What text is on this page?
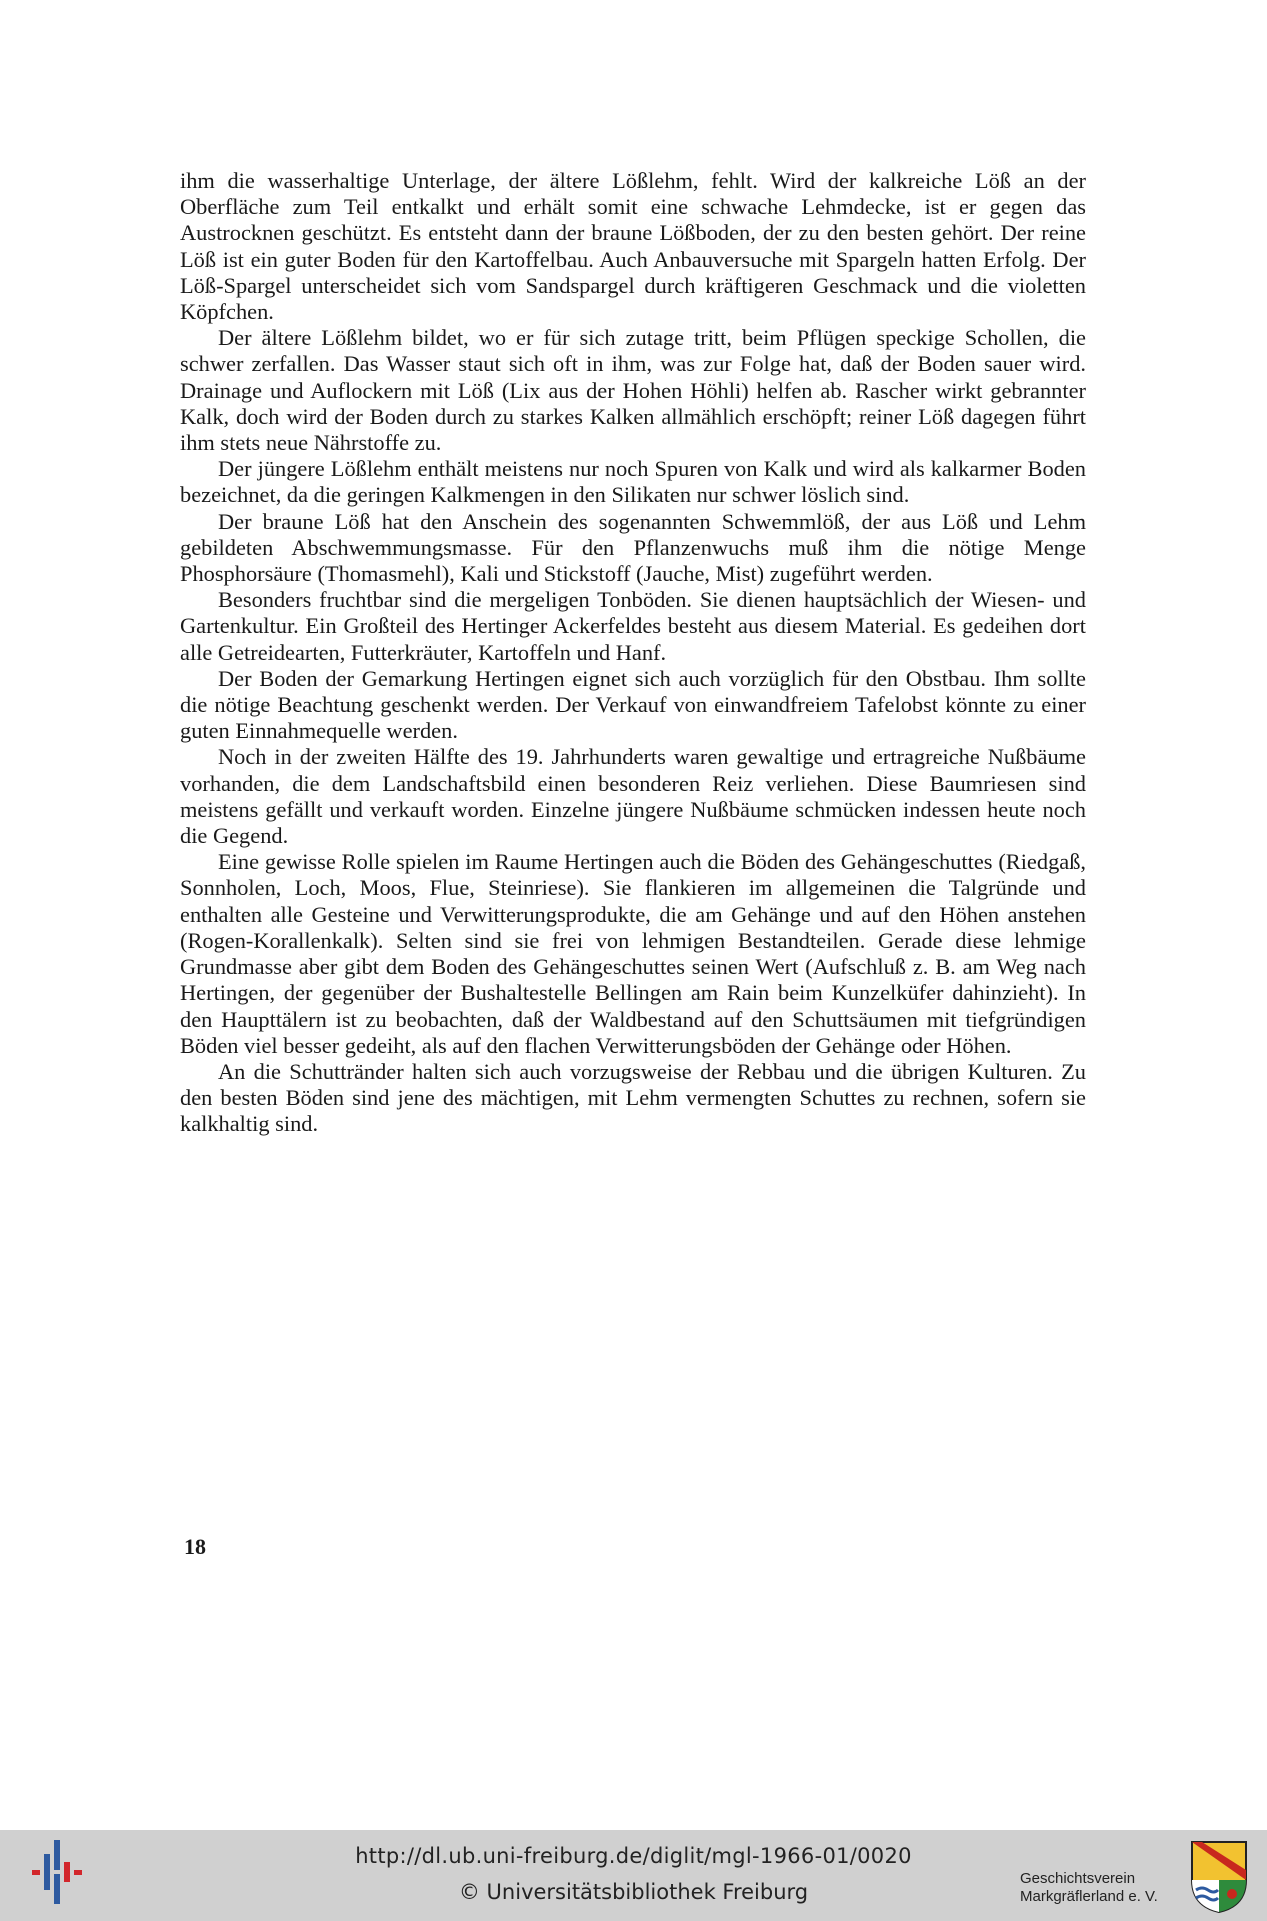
ihm die wasserhaltige Unterlage, der ältere Lößlehm, fehlt. Wird der kalkreiche Löß an der Oberfläche zum Teil entkalkt und erhält somit eine schwache Lehmdecke, ist er gegen das Austrocknen geschützt. Es entsteht dann der braune Lößboden, der zu den besten gehört. Der reine Löß ist ein guter Boden für den Kartoffelbau. Auch Anbauversuche mit Spargeln hatten Erfolg. Der Löß-Spargel unterscheidet sich vom Sandspargel durch kräftigeren Geschmack und die violetten Köpfchen.

Der ältere Lößlehm bildet, wo er für sich zutage tritt, beim Pflügen speckige Schollen, die schwer zerfallen. Das Wasser staut sich oft in ihm, was zur Folge hat, daß der Boden sauer wird. Drainage und Auflockern mit Löß (Lix aus der Hohen Höhli) helfen ab. Rascher wirkt gebrannter Kalk, doch wird der Boden durch zu starkes Kalken allmählich erschöpft; reiner Löß dagegen führt ihm stets neue Nährstoffe zu.

Der jüngere Lößlehm enthält meistens nur noch Spuren von Kalk und wird als kalkarmer Boden bezeichnet, da die geringen Kalkmengen in den Silikaten nur schwer löslich sind.

Der braune Löß hat den Anschein des sogenannten Schwemmlöß, der aus Löß und Lehm gebildeten Abschwemmungsmasse. Für den Pflanzenwuchs muß ihm die nötige Menge Phosphorsäure (Thomasmehl), Kali und Stickstoff (Jauche, Mist) zugeführt werden.

Besonders fruchtbar sind die mergeligen Tonböden. Sie dienen hauptsächlich der Wiesen- und Gartenkultur. Ein Großteil des Hertinger Ackerfeldes besteht aus diesem Material. Es gedeihen dort alle Getreidearten, Futterkräuter, Kartoffeln und Hanf.

Der Boden der Gemarkung Hertingen eignet sich auch vorzüglich für den Obstbau. Ihm sollte die nötige Beachtung geschenkt werden. Der Verkauf von einwandfreiem Tafelobst könnte zu einer guten Einnahmequelle werden.

Noch in der zweiten Hälfte des 19. Jahrhunderts waren gewaltige und ertragreiche Nußbäume vorhanden, die dem Landschaftsbild einen besonderen Reiz verliehen. Diese Baumriesen sind meistens gefällt und verkauft worden. Einzelne jüngere Nußbäume schmücken indessen heute noch die Gegend.

Eine gewisse Rolle spielen im Raume Hertingen auch die Böden des Gehängeschuttes (Riedgaß, Sonnholen, Loch, Moos, Flue, Steinriese). Sie flankieren im allgemeinen die Talgründe und enthalten alle Gesteine und Verwitterungsprodukte, die am Gehänge und auf den Höhen anstehen (Rogen-Korallenkalk). Selten sind sie frei von lehmigen Bestandteilen. Gerade diese lehmige Grundmasse aber gibt dem Boden des Gehängeschuttes seinen Wert (Aufschluß z. B. am Weg nach Hertingen, der gegenüber der Bushaltestelle Bellingen am Rain beim Kunzelküfer dahinzieht). In den Haupttälern ist zu beobachten, daß der Waldbestand auf den Schuttsäumen mit tiefgründigen Böden viel besser gedeiht, als auf den flachen Verwitterungsböden der Gehänge oder Höhen.

An die Schuttränder halten sich auch vorzugsweise der Rebbau und die übrigen Kulturen. Zu den besten Böden sind jene des mächtigen, mit Lehm vermengten Schuttes zu rechnen, sofern sie kalkhaltig sind.

18
http://dl.ub.uni-freiburg.de/diglit/mgl-1966-01/0020
© Universitätsbibliothek Freiburg
Geschichtsverein
Markgräflerland e. V.
